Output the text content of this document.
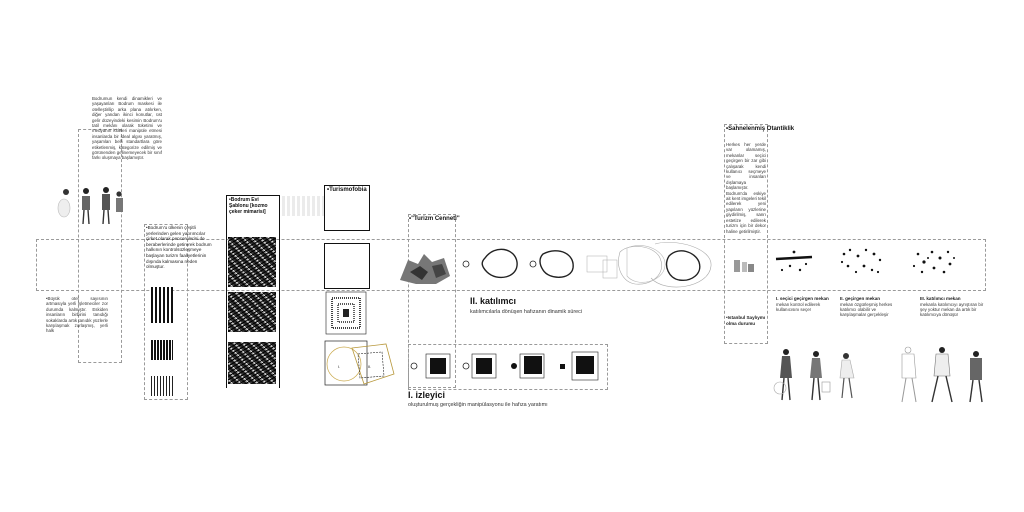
Bodrumun kendi dinamikleri ve yaşayanları Bodrum maskesi ile otelleştirilip arka plana atılırken, diğer yandan ikinci konutlar, üst gelir düzeyindeki kesimin Bodrum'u tatil mekânı olarak tüketimi ve medyanın kitleleri manipüle etmesi insanlarda bir ideal algısı yaratmış, yaşamları belli standartlara göre etiketlenmiş, kategorize edilmiş ve görünenden gelinemeyecek bir sınıf farkı oluşmaya başlamıştır.
•Büyük otel sayısının artmasıyla yerli işletmeciler zor durumda kalmıştır. Eskiden insanların birbirini tanıdığı sokaklarda artık tanıdık yüzlerle karşılaşmak zorlaşmış, yerli halk
•Bodrum'u ülkenin çeşitli yerlerinden gelen yatırımcılar çirket olarak pencerelerini de beraberlerinde getirerek bodrum halkının kontrolsüzleşmeye başlayan turizm faaliyetlerinin dışında kalmasına neden olmuştur.
•Bodrum Evi Şablonu [kozmo çeker mimarisi]
•Turismofobia
I.	II.
•"Turizm Cenneti"
II. katılımcı
katılımcılarla dönüşen hafızanın dinamik süreci
I. izleyici
oluşturulmuş gerçekliğin manipülasyonu ile hafıza yaratımı
•Sahnelenmiş Otantiklik
Herkes her yerde var olamamış, mekanlar seçici geçirgen bir zar gibi çalışarak kendi kullanıcı seçmeye ve insanları dışlamaya başlamıştır. Bodrum'da eskiye ait kent imgeleri tekil edilerek yeni yapıların yüzlerine giydirilmiş, sanrı estetize edilerek turizm için bir dekor haline getirilmiştir.
•Istanbul Saylıymı olma durumu
I. seçici geçirgen mekan
mekan kontrol edilerek kullanıcısını seçer
II. geçirgen mekan
mekan özgürleşmiş herkes katılımcı olabilir ve karşılaşmalar gerçekleşir
III. katılımcı mekan
mekanla katılımcıyı ayrıştıran bir şey yoktur mekan da artık bir katılımcıya dönüşür
